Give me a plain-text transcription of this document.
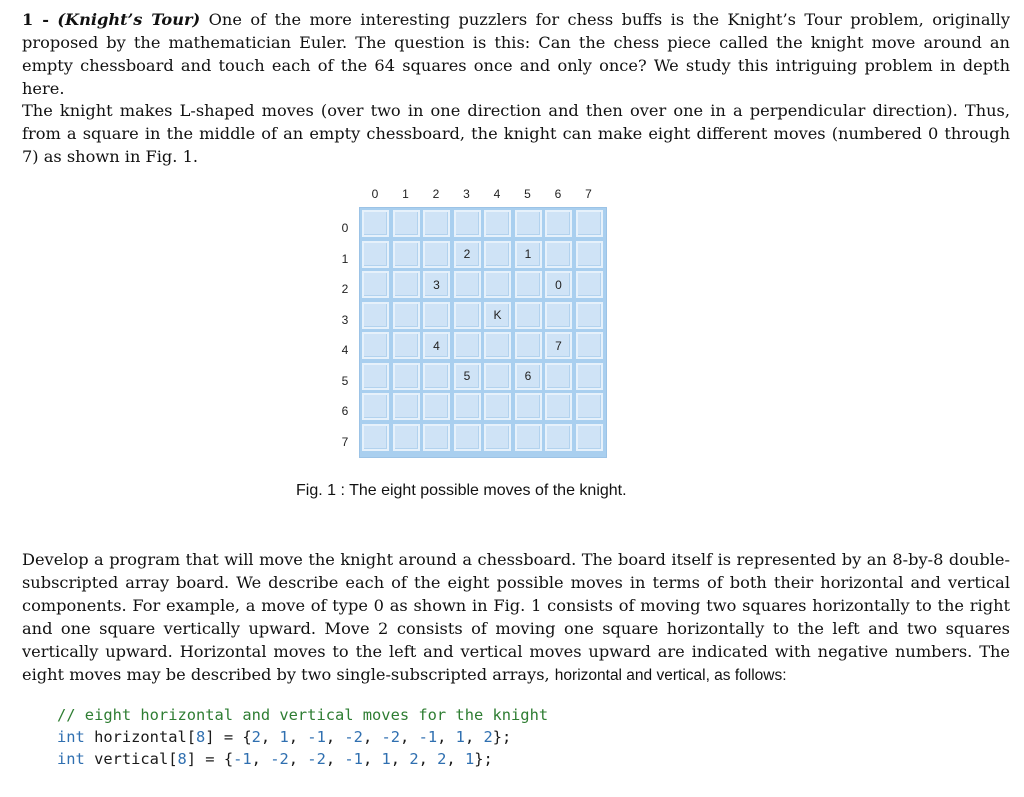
1 - (Knight’s Tour) One of the more interesting puzzlers for chess buffs is the Knight’s Tour problem, originally proposed by the mathematician Euler. The question is this: Can the chess piece called the knight move around an empty chessboard and touch each of the 64 squares once and only once? We study this intriguing problem in depth here.

The knight makes L-shaped moves (over two in one direction and then over one in a perpendicular direction). Thus, from a square in the middle of an empty chessboard, the knight can make eight different moves (numbered 0 through 7) as shown in Fig. 1.

Develop a program that will move the knight around a chessboard. The board itself is represented by an 8-by-8 double-subscripted array board. We describe each of the eight possible moves in terms of both their horizontal and vertical components. For example, a move of type 0 as shown in Fig. 1 consists of moving two squares horizontally to the right and one square vertically upward. Move 2 consists of moving one square horizontally to the left and two squares vertically upward. Horizontal moves to the left and vertical moves upward are indicated with negative numbers. The eight moves may be described by two single-subscripted arrays, horizontal and vertical, as follows:

0	1	2	3	4	5	6	7
0
1
2
3
4
5
6
7
2	1
3	0
K
4	7
5	6
Fig. 1 : The eight possible moves of the knight.
// eight horizontal and vertical moves for the knight
int horizontal[8] = {2, 1, -1, -2, -2, -1, 1, 2};
int vertical[8] = {-1, -2, -2, -1, 1, 2, 2, 1};
